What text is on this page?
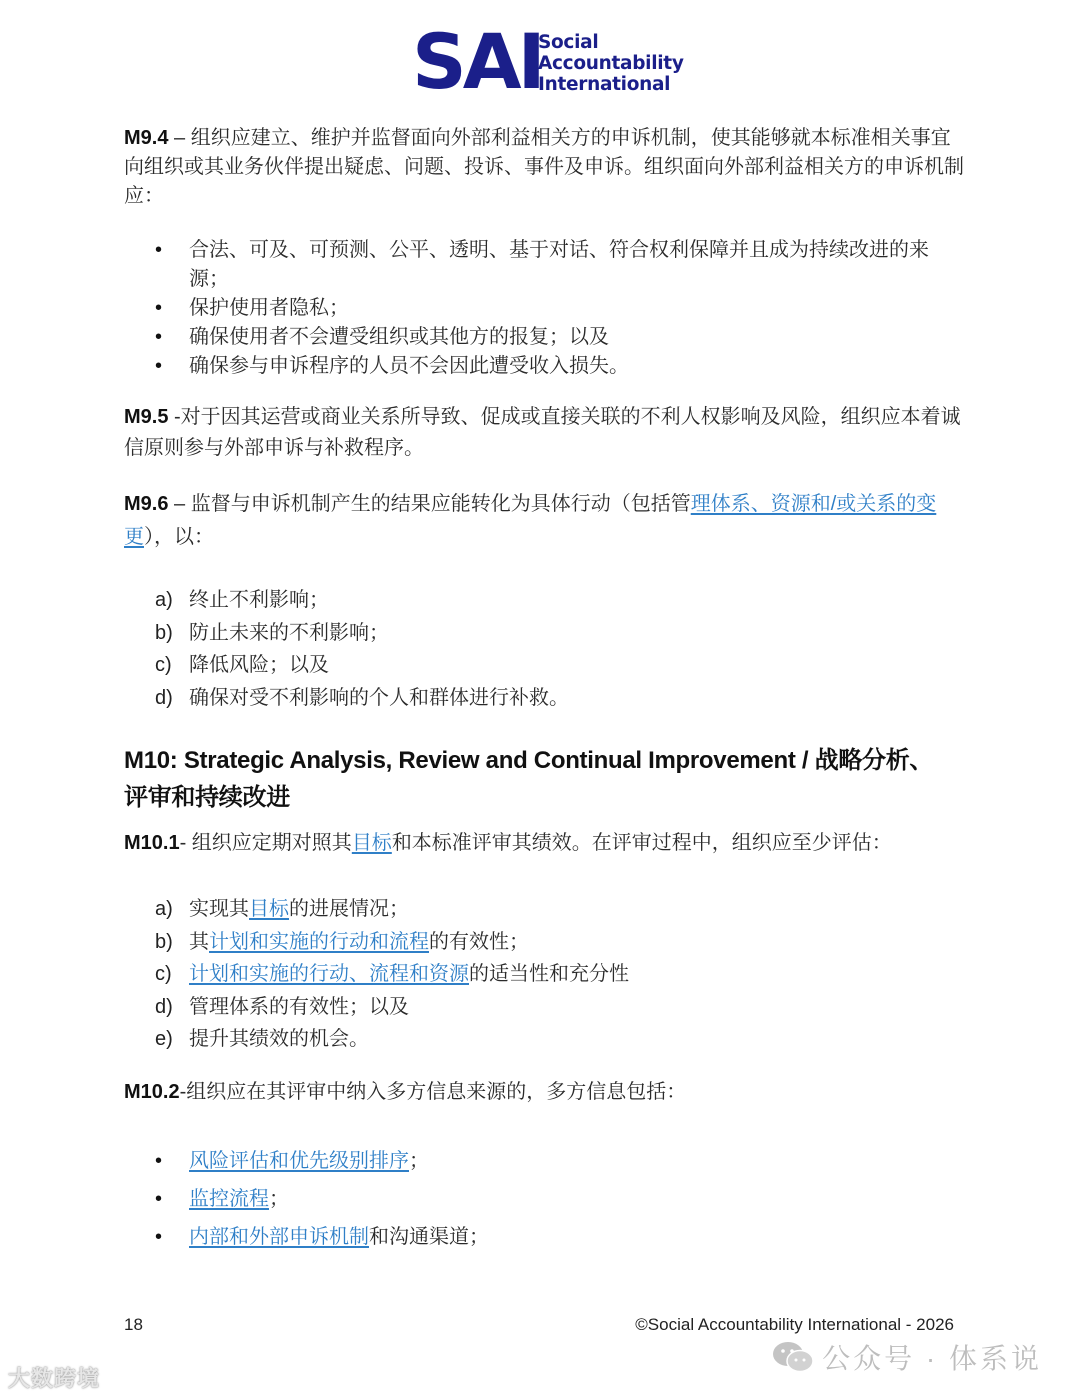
SAI
Social
Accountability
International

M9.4 – 组织应建立、维护并监督面向外部利益相关方的申诉机制，使其能够就本标准相关事宜向组织或其业务伙伴提出疑虑、问题、投诉、事件及申诉。组织面向外部利益相关方的申诉机制应：

• 合法、可及、可预测、公平、透明、基于对话、符合权利保障并且成为持续改进的来源；
• 保护使用者隐私；
• 确保使用者不会遭受组织或其他方的报复；以及
• 确保参与申诉程序的人员不会因此遭受收入损失。

M9.5 -对于因其运营或商业关系所导致、促成或直接关联的不利人权影响及风险，组织应本着诚信原则参与外部申诉与补救程序。

M9.6 – 监督与申诉机制产生的结果应能转化为具体行动（包括管理体系、资源和/或关系的变更），以：

a) 终止不利影响；
b) 防止未来的不利影响；
c) 降低风险；以及
d) 确保对受不利影响的个人和群体进行补救。
M10: Strategic Analysis, Review and Continual Improvement / 战略分析、评审和持续改进

M10.1- 组织应定期对照其目标和本标准评审其绩效。在评审过程中，组织应至少评估：

a) 实现其目标的进展情况；
b) 其计划和实施的行动和流程的有效性；
c) 计划和实施的行动、流程和资源的适当性和充分性
d) 管理体系的有效性；以及
e) 提升其绩效的机会。

M10.2-组织应在其评审中纳入多方信息来源的，多方信息包括：

• 风险评估和优先级别排序；
• 监控流程；
• 内部和外部申诉机制和沟通渠道；
18	©Social Accountability International - 2026
大数跨境
公众号 · 体系说
